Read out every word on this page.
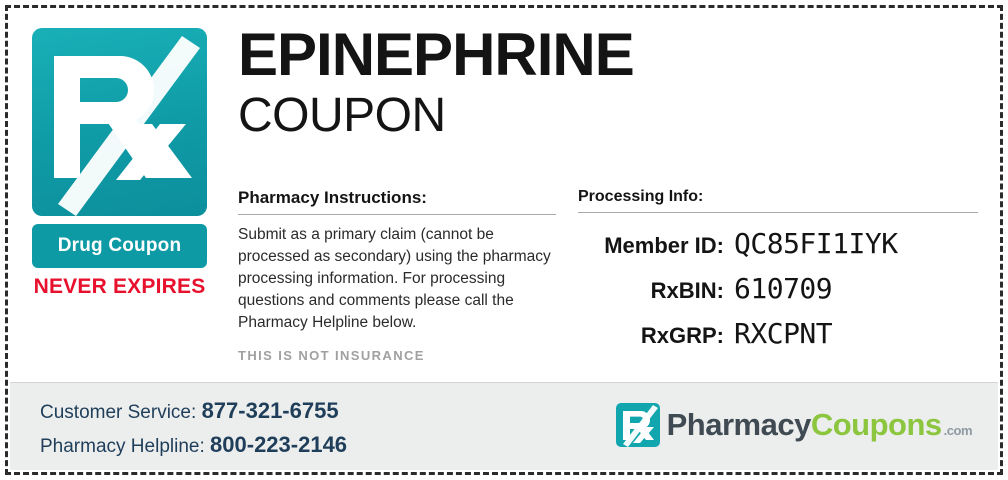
Drug Coupon
NEVER EXPIRES
EPINEPHRINE
COUPON
Pharmacy Instructions:
Submit as a primary claim (cannot be processed as secondary) using the pharmacy processing information. For processing questions and comments please call the Pharmacy Helpline below.
THIS IS NOT INSURANCE
Processing Info:
Member ID: QC85FI1IYK
RxBIN: 610709
RxGRP: RXCPNT
Customer Service: 877-321-6755
Pharmacy Helpline: 800-223-2146
PharmacyCoupons .com
